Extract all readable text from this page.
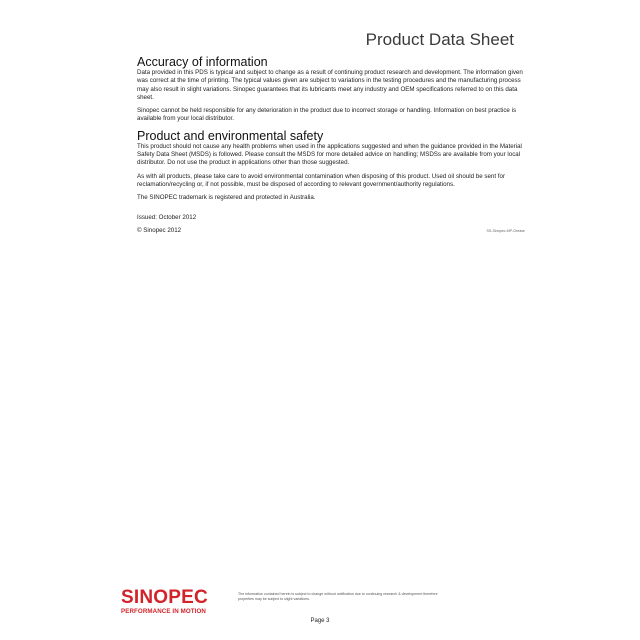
Product Data Sheet
Accuracy of information

Data provided in this PDS is typical and subject to change as a result of continuing product research and development. The information given was correct at the time of printing. The typical values given are subject to variations in the testing procedures and the manufacturing process may also result in slight variations. Sinopec guarantees that its lubricants meet any industry and OEM specifications referred to on this data sheet.

Sinopec cannot be held responsible for any deterioration in the product due to incorrect storage or handling. Information on best practice is available from your local distributor.

Product and environmental safety

This product should not cause any health problems when used in the applications suggested and when the guidance provided in the Material Safety Data Sheet (MSDS) is followed. Please consult the MSDS for more detailed advice on handling; MSDSs are available from your local distributor. Do not use the product in applications other than those suggested.

As with all products, please take care to avoid environmental contamination when disposing of this product. Used oil should be sent for reclamation/recycling or, if not possible, must be disposed of according to relevant government/authority regulations.

The SINOPEC trademark is registered and protected in Australia.

Issued: October 2012

© Sinopec 2012	SS-Sinopec-MP-Grease
SINOPEC
PERFORMANCE IN MOTION
The information contained herein is subject to change without notification due to continuing research & development therefore properties may be subject to slight variations.
Page 3
